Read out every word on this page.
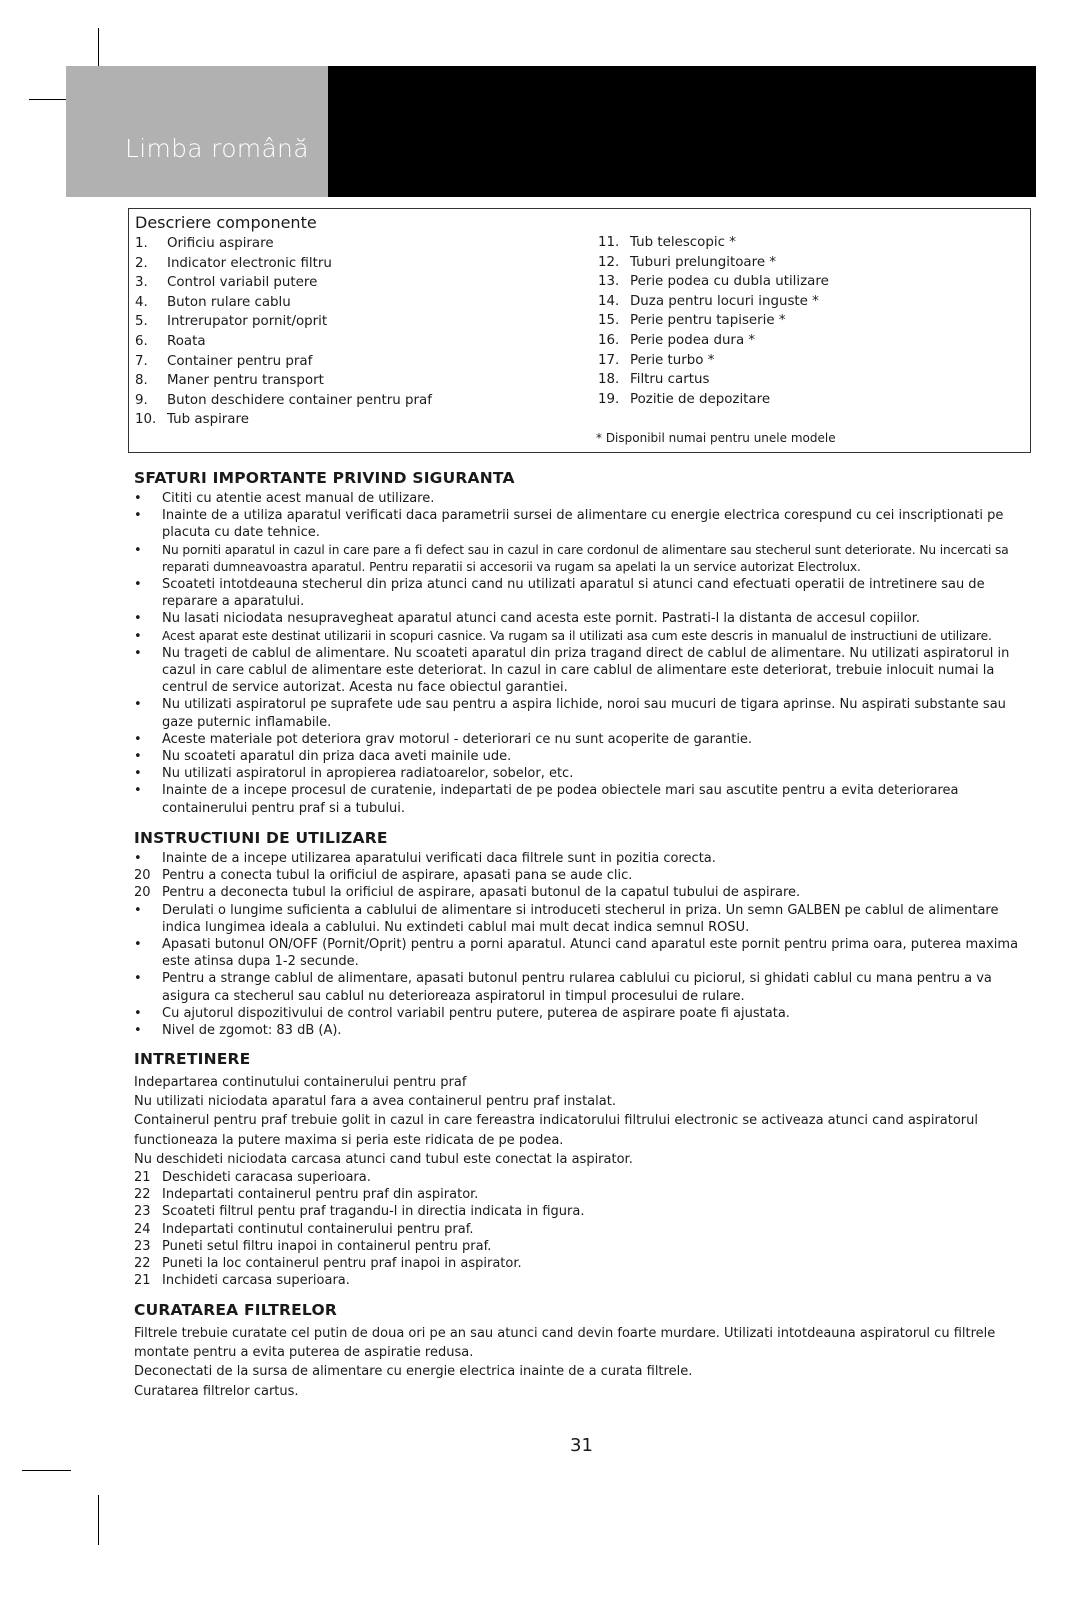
Limba română
Descriere componente
1.	Orificiu aspirare
2.	Indicator electronic filtru
3.	Control variabil putere
4.	Buton rulare cablu
5.	Intrerupator pornit/oprit
6.	Roata
7.	Container pentru praf
8.	Maner pentru transport
9.	Buton deschidere container pentru praf
10. Tub aspirare
11. Tub telescopic *
12. Tuburi prelungitoare *
13. Perie podea cu dubla utilizare
14. Duza pentru locuri inguste *
15. Perie pentru tapiserie *
16. Perie podea dura *
17. Perie turbo *
18. Filtru cartus
19. Pozitie de depozitare
* Disponibil numai pentru unele modele
SFATURI IMPORTANTE PRIVIND SIGURANTA
•	Cititi cu atentie acest manual de utilizare.
•	Inainte de a utiliza aparatul verificati daca parametrii sursei de alimentare cu energie electrica corespund cu cei inscriptionati pe placuta cu date tehnice.
•	Nu porniti aparatul in cazul in care pare a fi defect sau in cazul in care cordonul de alimentare sau stecherul sunt deteriorate. Nu incercati sa reparati dumneavoastra aparatul. Pentru reparatii si accesorii va rugam sa apelati la un service autorizat Electrolux.
•	Scoateti intotdeauna stecherul din priza atunci cand nu utilizati aparatul si atunci cand efectuati operatii de intretinere sau de reparare a aparatului.
•	Nu lasati niciodata nesupravegheat aparatul atunci cand acesta este pornit. Pastrati-l la distanta de accesul copiilor.
•	Acest aparat este destinat utilizarii in scopuri casnice. Va rugam sa il utilizati asa cum este descris in manualul de instructiuni de utilizare.
•	Nu trageti de cablul de alimentare. Nu scoateti aparatul din priza tragand direct de cablul de alimentare. Nu utilizati aspiratorul in cazul in care cablul de alimentare este deteriorat. In cazul in care cablul de alimentare este deteriorat, trebuie inlocuit numai la centrul de service autorizat. Acesta nu face obiectul garantiei.
•	Nu utilizati aspiratorul pe suprafete ude sau pentru a aspira lichide, noroi sau mucuri de tigara aprinse. Nu aspirati substante sau gaze puternic inflamabile.
•	Aceste materiale pot deteriora grav motorul - deteriorari ce nu sunt acoperite de garantie.
•	Nu scoateti aparatul din priza daca aveti mainile ude.
•	Nu utilizati aspiratorul in apropierea radiatoarelor, sobelor, etc.
•	Inainte de a incepe procesul de curatenie, indepartati de pe podea obiectele mari sau ascutite pentru a evita deteriorarea containerului pentru praf si a tubului.
INSTRUCTIUNI DE UTILIZARE
•	Inainte de a incepe utilizarea aparatului verificati daca filtrele sunt in pozitia corecta.
20 Pentru a conecta tubul la orificiul de aspirare, apasati pana se aude clic.
20 Pentru a deconecta tubul la orificiul de aspirare, apasati butonul de la capatul tubului de aspirare.
•	Derulati o lungime suficienta a cablului de alimentare si introduceti stecherul in priza. Un semn GALBEN pe cablul de alimentare indica lungimea ideala a cablului. Nu extindeti cablul mai mult decat indica semnul ROSU.
•	Apasati butonul ON/OFF (Pornit/Oprit) pentru a porni aparatul. Atunci cand aparatul este pornit pentru prima oara, puterea maxima este atinsa dupa 1-2 secunde.
•	Pentru a strange cablul de alimentare, apasati butonul pentru rularea cablului cu piciorul, si ghidati cablul cu mana pentru a va asigura ca stecherul sau cablul nu deterioreaza aspiratorul in timpul procesului de rulare.
•	Cu ajutorul dispozitivului de control variabil pentru putere, puterea de aspirare poate fi ajustata.
•	Nivel de zgomot: 83 dB (A).
INTRETINERE

Indepartarea continutului containerului pentru praf

Nu utilizati niciodata aparatul fara a avea containerul pentru praf instalat.

Containerul pentru praf trebuie golit in cazul in care fereastra indicatorului filtrului electronic se activeaza atunci cand aspiratorul functioneaza la putere maxima si peria este ridicata de pe podea.

Nu deschideti niciodata carcasa atunci cand tubul este conectat la aspirator.

21 Deschideti caracasa superioara.
22 Indepartati containerul pentru praf din aspirator.
23 Scoateti filtrul pentu praf tragandu-l in directia indicata in figura.
24 Indepartati continutul containerului pentru praf.
23 Puneti setul filtru inapoi in containerul pentru praf.
22 Puneti la loc containerul pentru praf inapoi in aspirator.
21 Inchideti carcasa superioara.
CURATAREA FILTRELOR

Filtrele trebuie curatate cel putin de doua ori pe an sau atunci cand devin foarte murdare. Utilizati intotdeauna aspiratorul cu filtrele montate pentru a evita puterea de aspiratie redusa.

Deconectati de la sursa de alimentare cu energie electrica inainte de a curata filtrele.

Curatarea filtrelor cartus.

31
